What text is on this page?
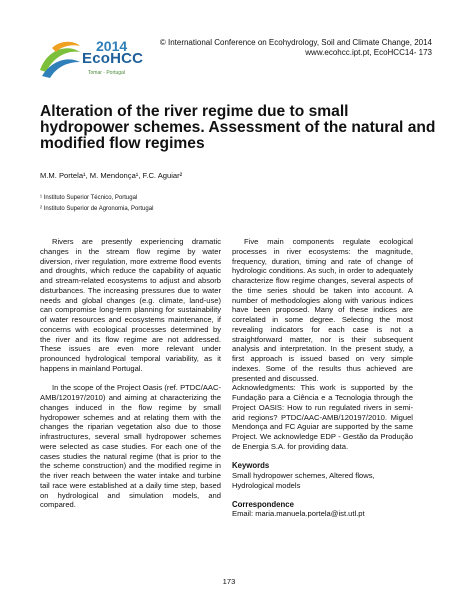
2014
EcoHCC
Tomar · Portugal
© International Conference on Ecohydrology, Soil and Climate Change, 2014
www.ecohcc.ipt.pt, EcoHCC14- 173
Alteration of the river regime due to small hydropower schemes. Assessment of the natural and modified flow regimes
M.M. Portela¹, M. Mendonça¹, F.C. Aguiar²
¹ Instituto Superior Técnico, Portugal
² Instituto Superior de Agronomia, Portugal

Rivers are presently experiencing dramatic changes in the stream flow regime by water diversion, river regulation, more extreme flood events and droughts, which reduce the capability of aquatic and stream-related ecosystems to adjust and absorb disturbances. The increasing pressures due to water needs and global changes (e.g. climate, land-use) can compromise long-term planning for sustainability of water resources and ecosystems maintenance, if concerns with ecological processes determined by the river and its flow regime are not addressed. These issues are even more relevant under pronounced hydrological temporal variability, as it happens in mainland Portugal.

In the scope of the Project Oasis (ref. PTDC/AAC-AMB/120197/2010) and aiming at characterizing the changes induced in the flow regime by small hydropower schemes and at relating them with the changes the riparian vegetation also due to those infrastructures, several small hydropower schemes were selected as case studies. For each one of the cases studies the natural regime (that is prior to the the scheme construction) and the modified regime in the river reach between the water intake and turbine tail race were established at a daily time step, based on hydrological and simulation models, and compared.

Five main components regulate ecological processes in river ecosystems: the magnitude, frequency, duration, timing and rate of change of hydrologic conditions. As such, in order to adequately characterize flow regime changes, several aspects of the time series should be taken into account. A number of methodologies along with various indices have been proposed. Many of these indices are correlated in some degree. Selecting the most revealing indicators for each case is not a straightforward matter, nor is their subsequent analysis and interpretation. In the present study, a first approach is issued based on very simple indexes. Some of the results thus achieved are presented and discussed.

Acknowledgments: This work is supported by the Fundação para a Ciência e a Tecnologia through the Project OASIS: How to run regulated rivers in semi-arid regions? PTDC/AAC-AMB/120197/2010. Miguel Mendonça and FC Aguiar are supported by the same Project. We acknowledge EDP - Gestão da Produção de Energia S.A. for providing data.

Keywords

Small hydropower schemes, Altered flows, Hydrological models

Correspondence

Email: maria.manuela.portela@ist.utl.pt

173
